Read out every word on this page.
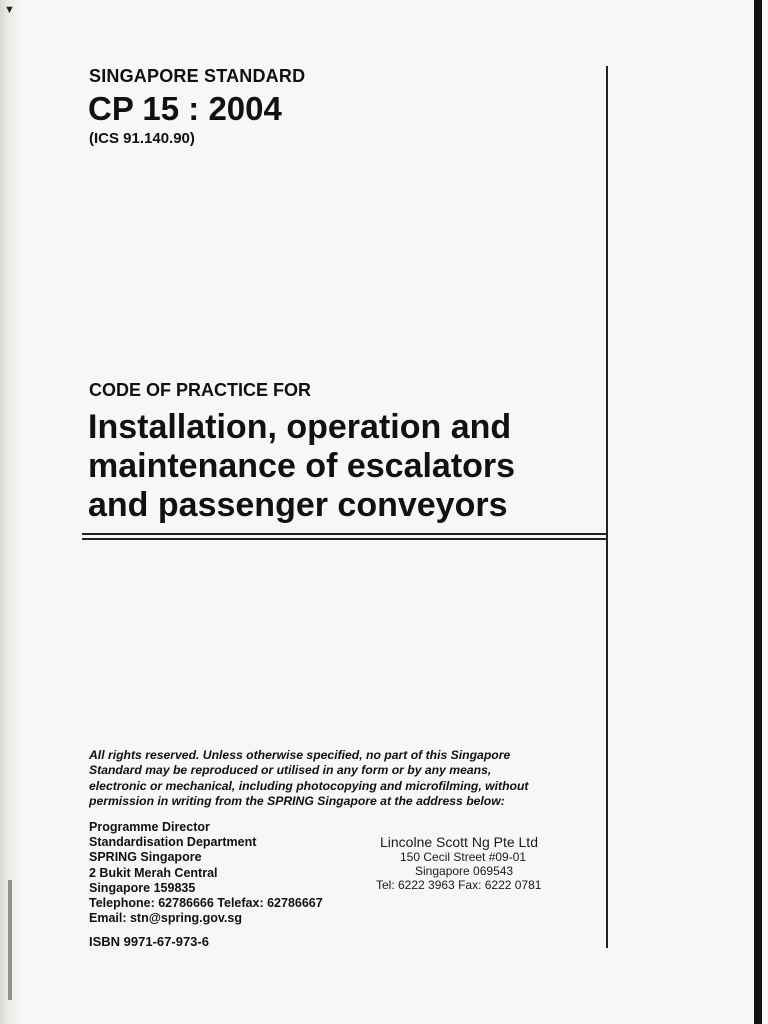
▼
SINGAPORE STANDARD
CP 15 : 2004
(ICS 91.140.90)
CODE OF PRACTICE FOR
Installation, operation and
maintenance of escalators
and passenger conveyors
All rights reserved. Unless otherwise specified, no part of this Singapore
Standard may be reproduced or utilised in any form or by any means,
electronic or mechanical, including photocopying and microfilming, without
permission in writing from the SPRING Singapore at the address below:
Programme Director
Standardisation Department
SPRING Singapore
2 Bukit Merah Central
Singapore 159835
Telephone: 62786666 Telefax: 62786667
Email: stn@spring.gov.sg
Lincolne Scott Ng Pte Ltd
150 Cecil Street #09-01
Singapore 069543
Tel: 6222 3963 Fax: 6222 0781
ISBN 9971-67-973-6
